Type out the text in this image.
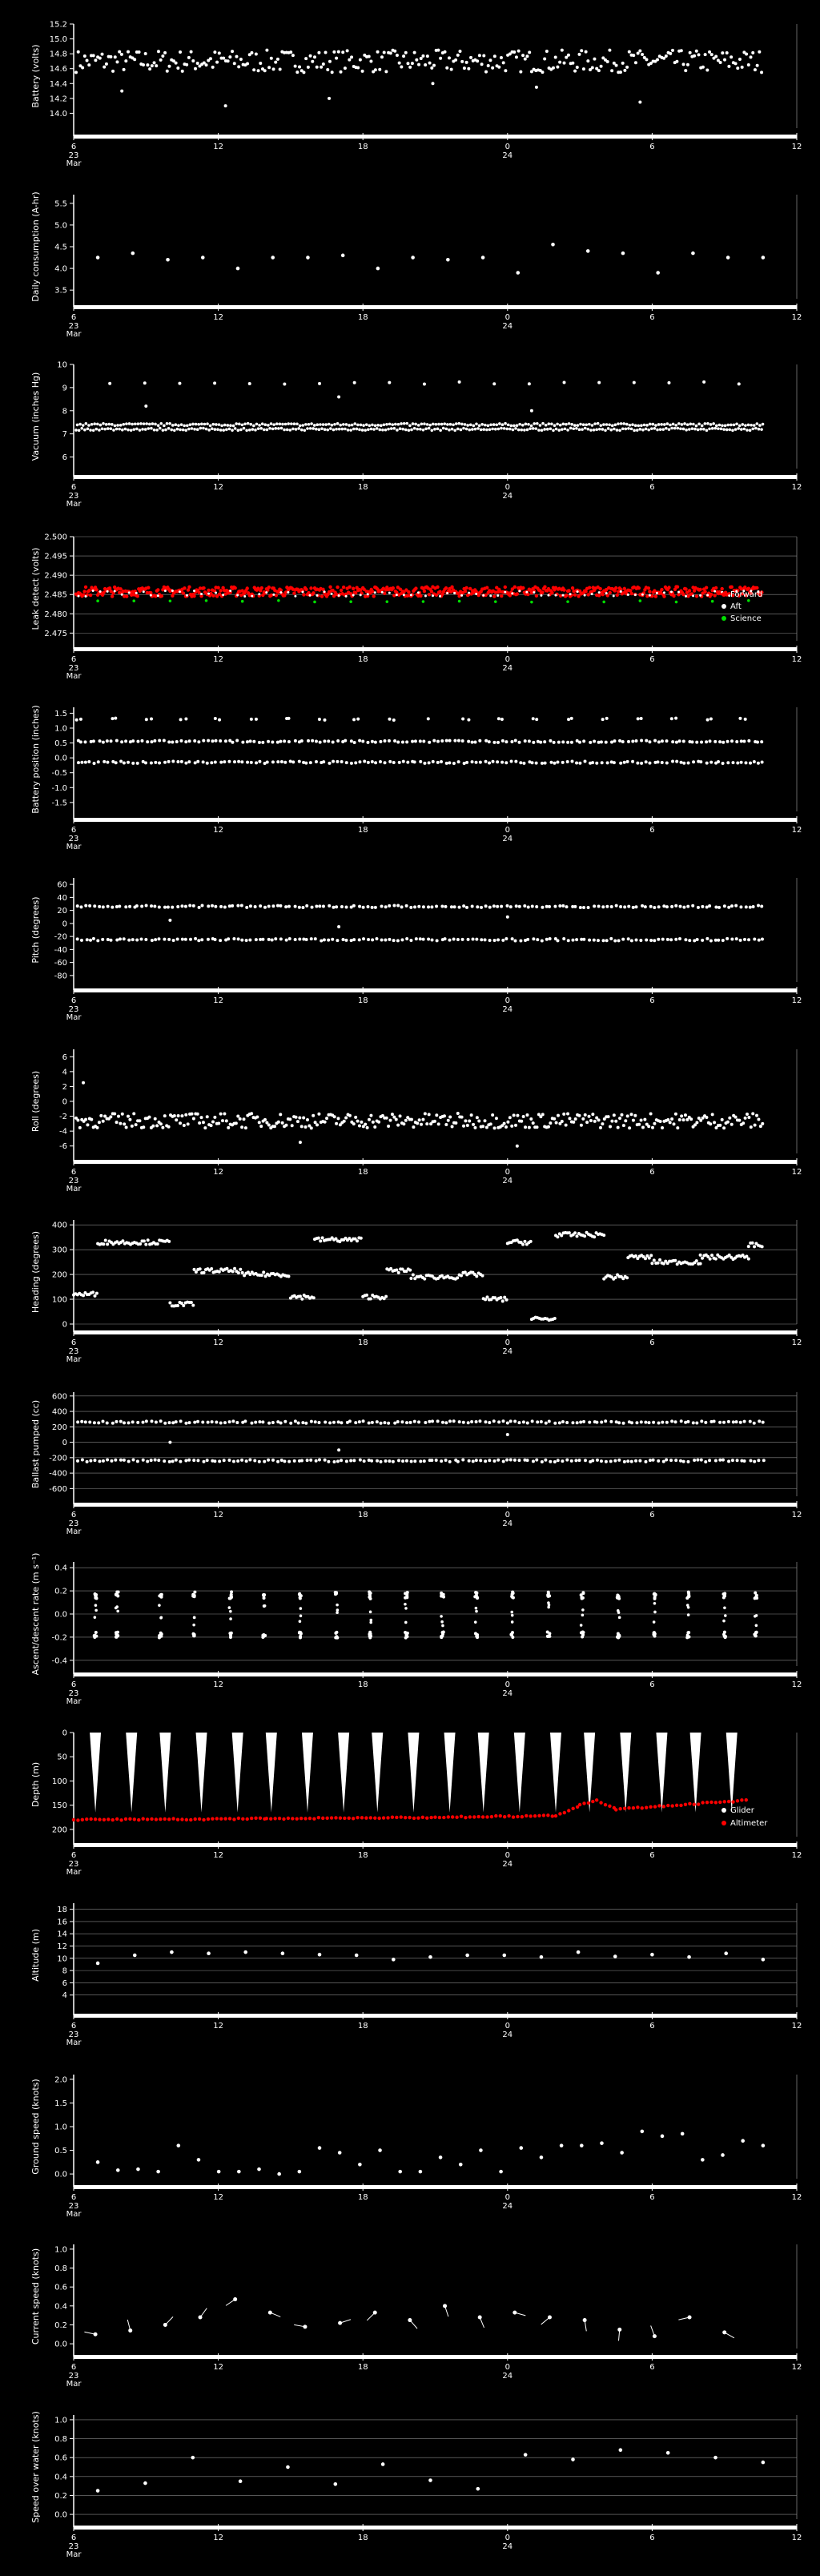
15.2
15.0
14.8
14.6
14.4
14.2
14.0
Battery (volts)
6	12	18	0	6	12
23	24
Mar
5.5
5.0
4.5
4.0
3.5
Daily consumption (A-hr)
6	12	18	0	6	12
23	24
Mar
10
9
8
7
6
Vacuum (inches Hg)
6	12	18	0	6	12
23	24
Mar
2.500
2.495
2.490
2.485
2.480
2.475
Leak detect (volts)
6	12	18	0	6	12
23	24
Mar
Forward
Aft
Science
1.5
1.0
0.5
0.0
-0.5
-1.0
-1.5
Battery position (inches)
6	12	18	0	6	12
23	24
Mar
60
40
20
0
-20
-40
-60
-80
Pitch (degrees)
6	12	18	0	6	12
23	24
Mar
6
4
2
0
-2
-4
-6
Roll (degrees)
6	12	18	0	6	12
23	24
Mar
400
300
200
100
0
Heading (degrees)
6	12	18	0	6	12
23	24
Mar
600
400
200
0
-200
-400
-600
Ballast pumped (cc)
6	12	18	0	6	12
23	24
Mar
0.4
0.2
0.0
-0.2
-0.4
Ascent/descent rate (m s⁻¹)
6	12	18	0	6	12
23	24
Mar
0
50
100
150
200
Depth (m)
6	12	18	0	6	12
23	24
Mar
Glider
Altimeter
18
16
14
12
10
8
6
4
Altitude (m)
6	12	18	0	6	12
23	24
Mar
2.0
1.5
1.0
0.5
0.0
Ground speed (knots)
6	12	18	0	6	12
23	24
Mar
1.0
0.8
0.6
0.4
0.2
0.0
Current speed (knots)
6	12	18	0	6	12
23	24
Mar
1.0
0.8
0.6
0.4
0.2
0.0
Speed over water (knots)
6	12	18	0	6	12
23	24
Mar
